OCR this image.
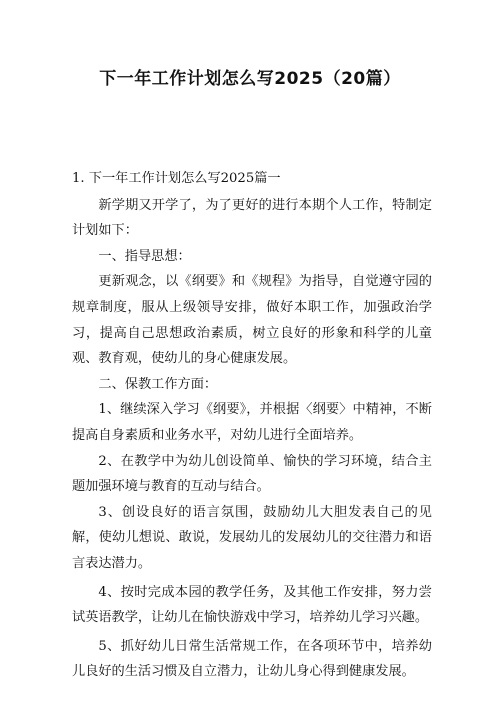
下一年工作计划怎么写2025（20篇）

1. 下一年工作计划怎么写2025篇一

新学期又开学了，为了更好的进行本期个人工作，特制定计划如下：

一、指导思想：

更新观念，以《纲要》和《规程》为指导，自觉遵守园的规章制度，服从上级领导安排，做好本职工作，加强政治学习，提高自己思想政治素质，树立良好的形象和科学的儿童观、教育观，使幼儿的身心健康发展。

二、保教工作方面：

1、继续深入学习《纲要》，并根据〈纲要〉中精神，不断提高自身素质和业务水平，对幼儿进行全面培养。

2、在教学中为幼儿创设简单、愉快的学习环境，结合主题加强环境与教育的互动与结合。

3、创设良好的语言氛围，鼓励幼儿大胆发表自己的见解，使幼儿想说、敢说，发展幼儿的发展幼儿的交往潜力和语言表达潜力。

4、按时完成本园的教学任务，及其他工作安排，努力尝试英语教学，让幼儿在愉快游戏中学习，培养幼儿学习兴趣。

5、抓好幼儿日常生活常规工作，在各项环节中，培养幼儿良好的生活习惯及自立潜力，让幼儿身心得到健康发展。
